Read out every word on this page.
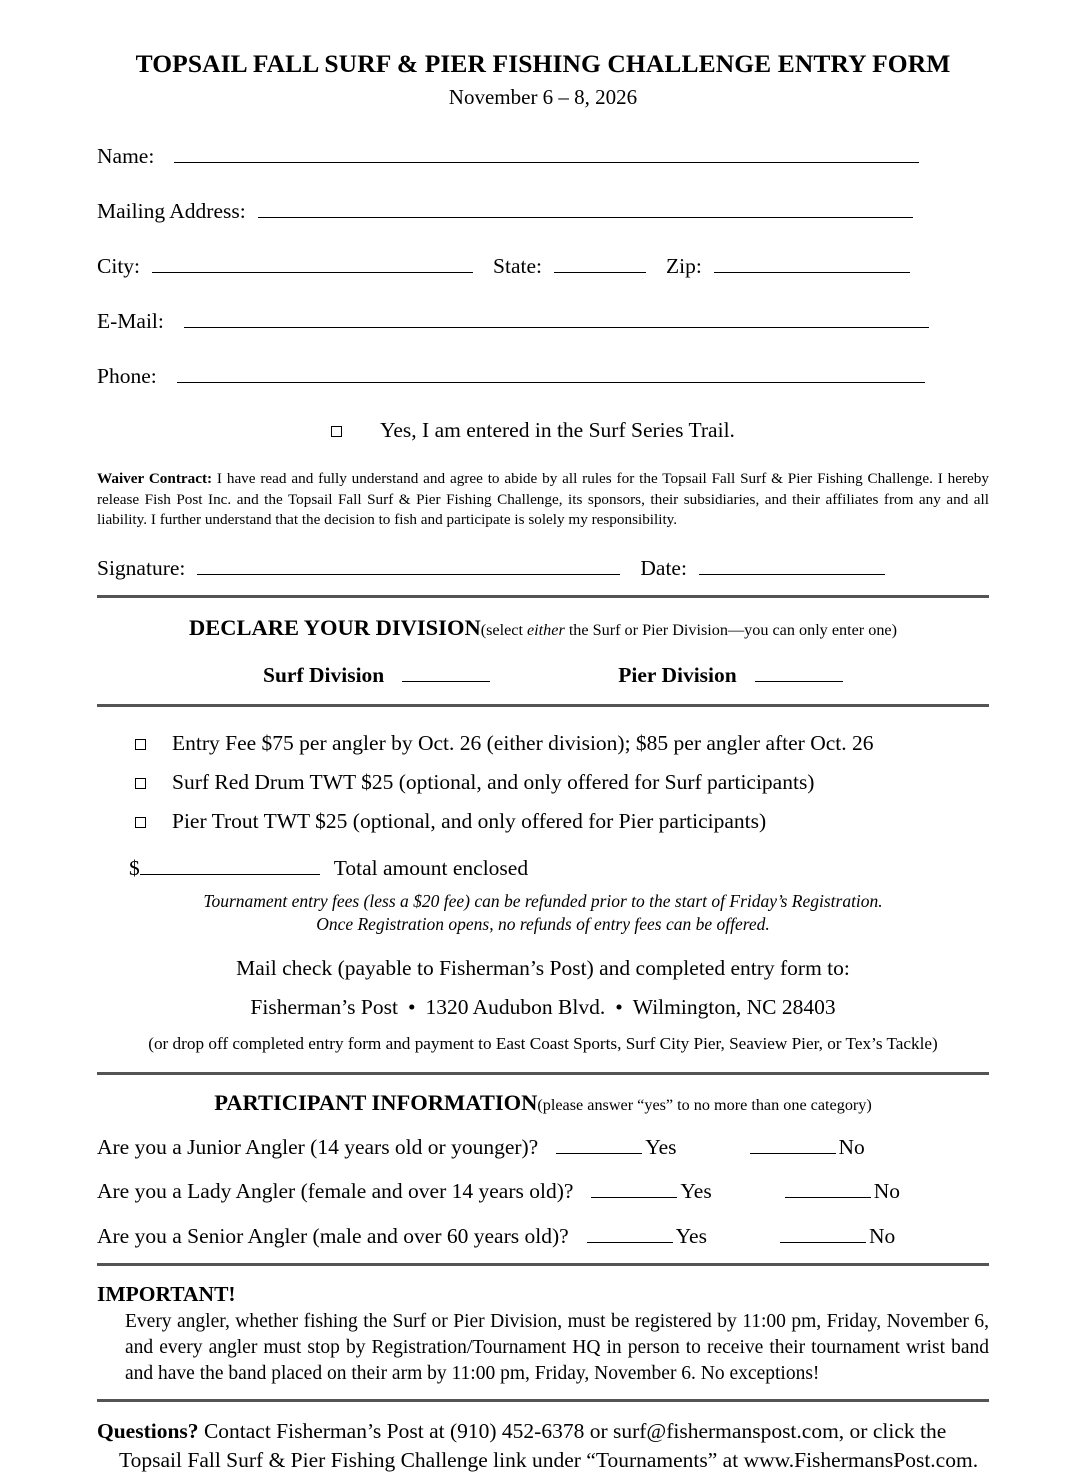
TOPSAIL FALL SURF & PIER FISHING CHALLENGE ENTRY FORM
November 6 – 8, 2026
Name:
Mailing Address:
City:	State:	Zip:
E-Mail:
Phone:
Yes, I am entered in the Surf Series Trail.
Waiver Contract: I have read and fully understand and agree to abide by all rules for the Topsail Fall Surf & Pier Fishing Challenge. I hereby release Fish Post Inc. and the Topsail Fall Surf & Pier Fishing Challenge, its sponsors, their subsidiaries, and their affiliates from any and all liability. I further understand that the decision to fish and participate is solely my responsibility.
Signature:	Date:
DECLARE YOUR DIVISION(select either the Surf or Pier Division—you can only enter one)
Surf Division	Pier Division
Entry Fee $75 per angler by Oct. 26 (either division); $85 per angler after Oct. 26
Surf Red Drum TWT $25 (optional, and only offered for Surf participants)
Pier Trout TWT $25 (optional, and only offered for Pier participants)
$	Total amount enclosed
Tournament entry fees (less a $20 fee) can be refunded prior to the start of Friday’s Registration.
Once Registration opens, no refunds of entry fees can be offered.
Mail check (payable to Fisherman’s Post) and completed entry form to:
Fisherman’s Post • 1320 Audubon Blvd. • Wilmington, NC 28403
(or drop off completed entry form and payment to East Coast Sports, Surf City Pier, Seaview Pier, or Tex’s Tackle)
PARTICIPANT INFORMATION(please answer “yes” to no more than one category)
Are you a Junior Angler (14 years old or younger)?	Yes	No
Are you a Lady Angler (female and over 14 years old)?	Yes	No
Are you a Senior Angler (male and over 60 years old)?	Yes	No
IMPORTANT!
Every angler, whether fishing the Surf or Pier Division, must be registered by 11:00 pm, Friday, November 6, and every angler must stop by Registration/Tournament HQ in person to receive their tournament wrist band and have the band placed on their arm by 11:00 pm, Friday, November 6. No exceptions!
Questions? Contact Fisherman’s Post at (910) 452-6378 or surf@fishermanspost.com, or click the
Topsail Fall Surf & Pier Fishing Challenge link under “Tournaments” at www.FishermansPost.com.
